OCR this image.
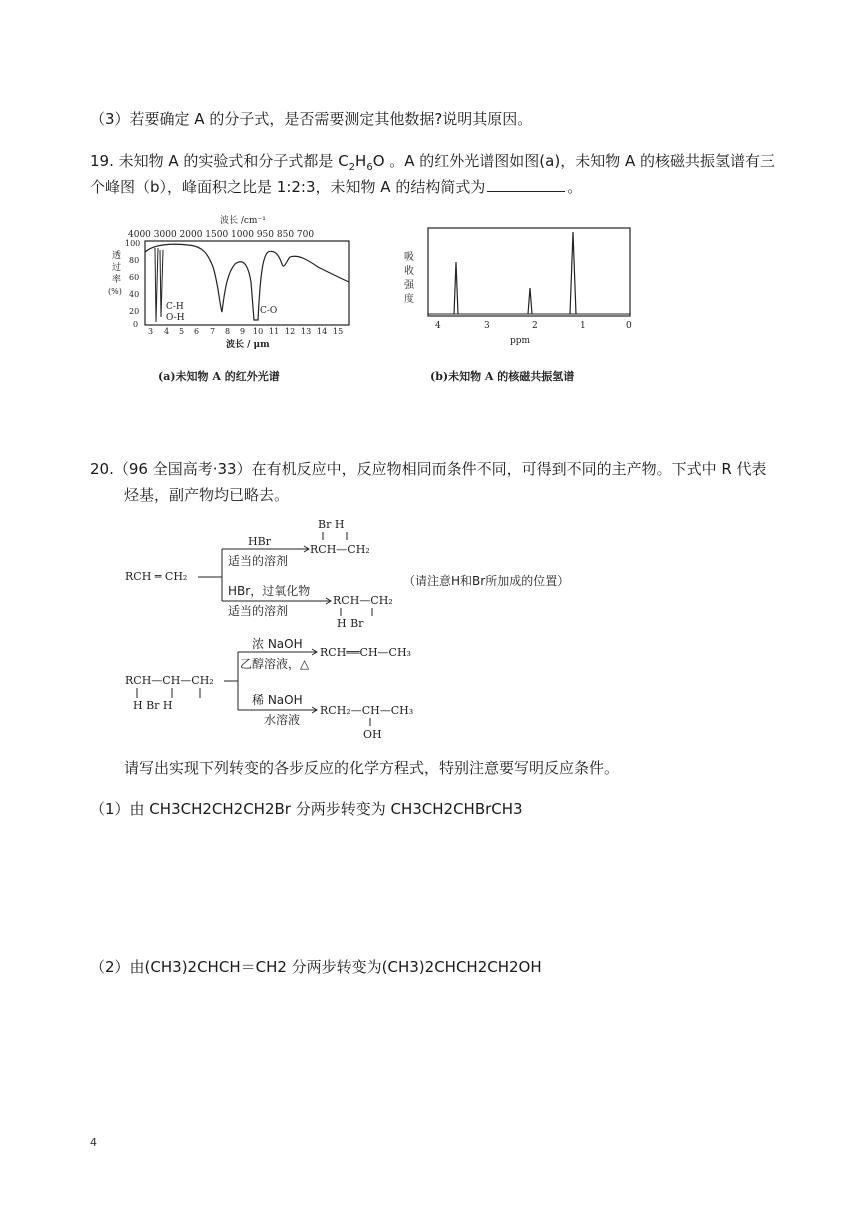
（3）若要确定 A 的分子式，是否需要测定其他数据?说明其原因。
19. 未知物 A 的实验式和分子式都是 $C_2H_6O$ 。A 的红外光谱图如图(a)，未知物 A 的核磁共振氢谱有三
个峰图（b），峰面积之比是 1:2:3，未知物 A 的结构简式为	。
波长 /cm⁻¹
4000 3000 2000 1500 1000 950 850 700
透
过
率
(%)
100
80
60
40
20
0
C-H
O-H
C-O
3 4 5 6 7 8 9 10 11 12 13 14 15
波长 / μm
(a)未知物 A 的红外光谱
吸
收
强
度
4	3	2	1	0
ppm
(b)未知物 A 的核磁共振氢谱
20.（96 全国高考·33）在有机反应中，反应物相同而条件不同，可得到不同的主产物。下式中 R 代表
烃基，副产物均已略去。
RCH ═ CH₂
HBr
适当的溶剂
Br H
RCH—CH₂
HBr，过氧化物
适当的溶剂
RCH—CH₂
H Br
（请注意H和Br所加成的位置）
RCH—CH—CH₂
H Br H
浓 NaOH
乙醇溶液，△
RCH══CH—CH₃
稀 NaOH
水溶液
RCH₂—CH—CH₃
OH
请写出实现下列转变的各步反应的化学方程式，特别注意要写明反应条件。
（1）由 CH3CH2CH2CH2Br 分两步转变为 CH3CH2CHBrCH3
（2）由(CH3)2CHCH＝CH2 分两步转变为(CH3)2CHCH2CH2OH
4
